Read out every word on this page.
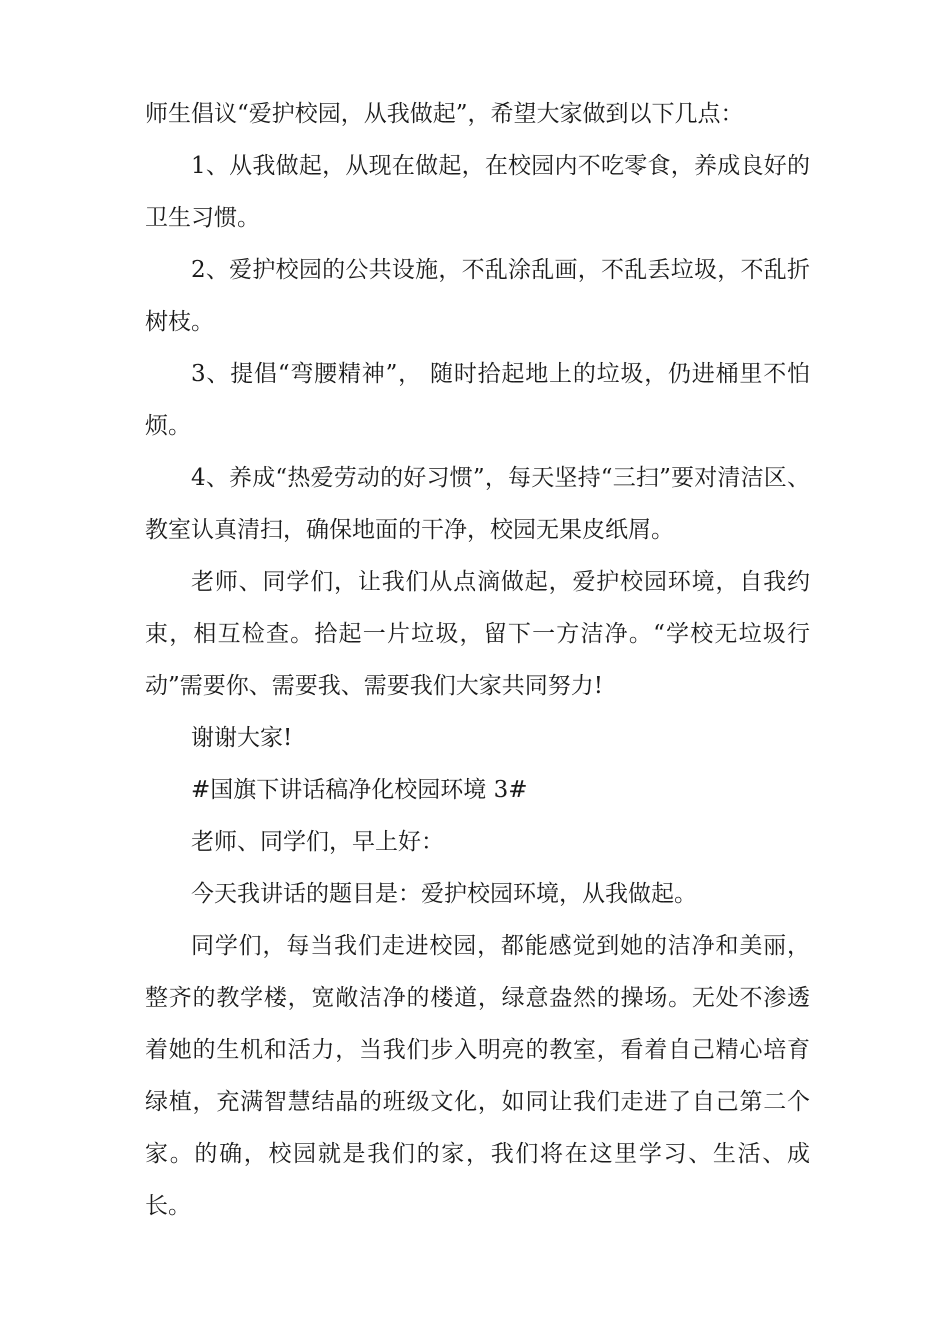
师生倡议“爱护校园，从我做起”，希望大家做到以下几点：

1、从我做起，从现在做起，在校园内不吃零食，养成良好的卫生习惯。

2、爱护校园的公共设施，不乱涂乱画，不乱丢垃圾，不乱折树枝。

3、提倡“弯腰精神”， 随时拾起地上的垃圾，仍进桶里不怕烦。

4、养成“热爱劳动的好习惯”，每天坚持“三扫”要对清洁区、教室认真清扫，确保地面的干净，校园无果皮纸屑。

老师、同学们，让我们从点滴做起，爱护校园环境，自我约束，相互检查。拾起一片垃圾，留下一方洁净。“学校无垃圾行动”需要你、需要我、需要我们大家共同努力!

谢谢大家!

#国旗下讲话稿净化校园环境 3#

老师、同学们，早上好：

今天我讲话的题目是：爱护校园环境，从我做起。

同学们，每当我们走进校园，都能感觉到她的洁净和美丽，整齐的教学楼，宽敞洁净的楼道，绿意盎然的操场。无处不渗透着她的生机和活力，当我们步入明亮的教室，看着自己精心培育绿植，充满智慧结晶的班级文化，如同让我们走进了自己第二个家。的确，校园就是我们的家，我们将在这里学习、生活、成长。
